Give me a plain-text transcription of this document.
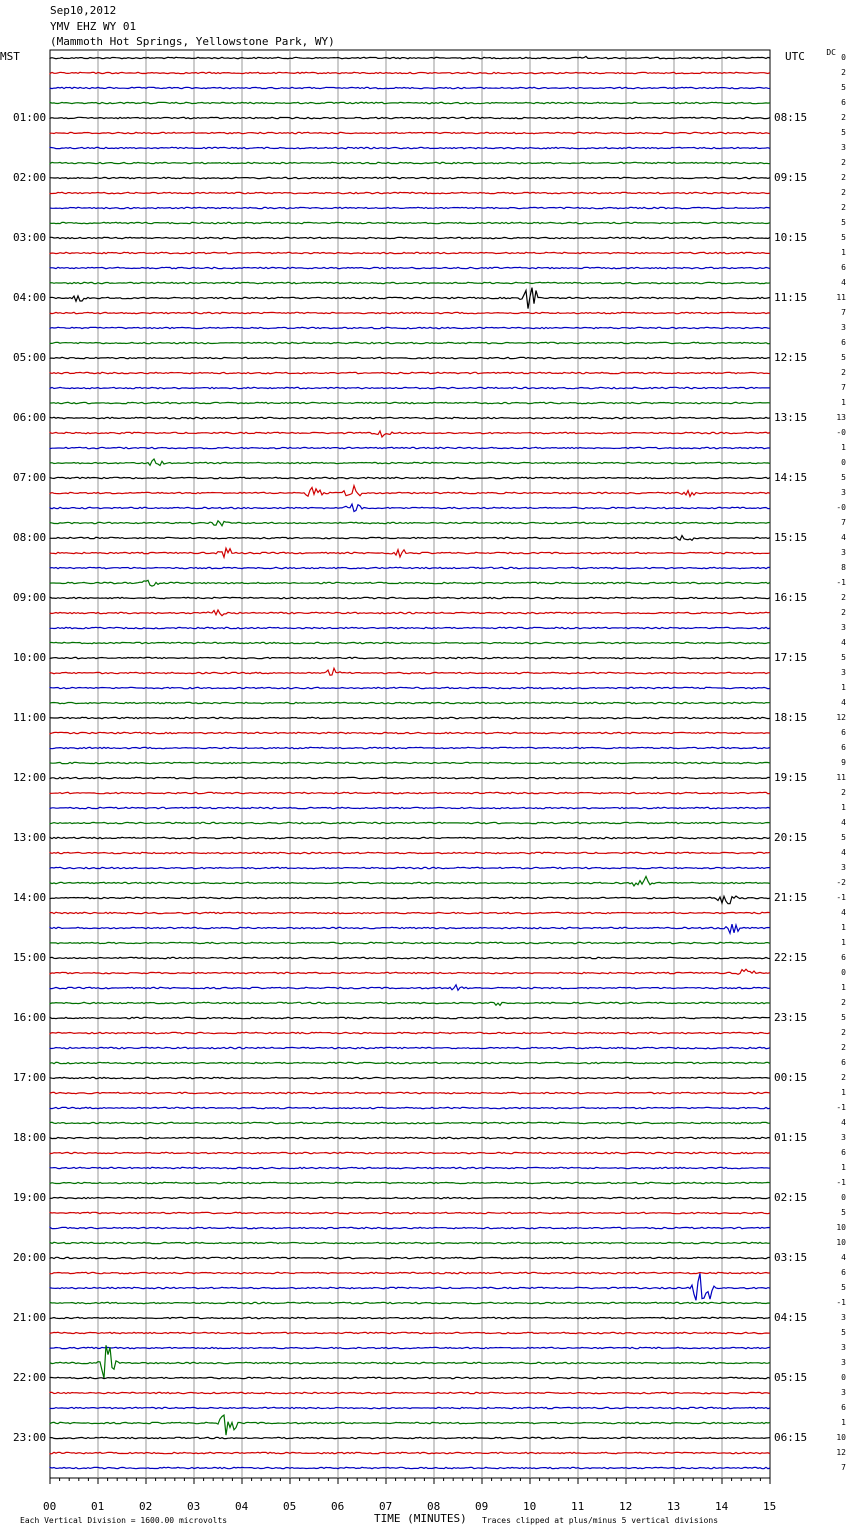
Sep10,2012
YMV EHZ WY 01
(Mammoth Hot Springs, Yellowstone Park, WY)
MST	UTC	DC
00	01	02	03	04	05	06	07	08	09	10	11	12	13	14	15
0
2
5
6
2
5
3
2
2
2
2
5
5
1
6
4
11
7
3
6
5
2
7
1
13
-0
1
0
5
3
-0
7
4
3
8
-1
2
2
3
4
5
3
1
4
12
6
6
9
11
2
1
4
5
4
3
-2
-1
4
1
1
6
0
1
2
5
2
2
6
2
1
-1
4
3
6
1
-1
0
5
10
10
4
6
5
-1
3
5
3
3
0
3
6
1
10
12
7
01:00	08:15
02:00	09:15
03:00	10:15
04:00	11:15
05:00	12:15
06:00	13:15
07:00	14:15
08:00	15:15
09:00	16:15
10:00	17:15
11:00	18:15
12:00	19:15
13:00	20:15
14:00	21:15
15:00	22:15
16:00	23:15
17:00	00:15
18:00	01:15
19:00	02:15
20:00	03:15
21:00	04:15
22:00	05:15
23:00	06:15
Each Vertical Division = 1600.00 microvolts	TIME (MINUTES) Traces clipped at plus/minus 5 vertical divisions
